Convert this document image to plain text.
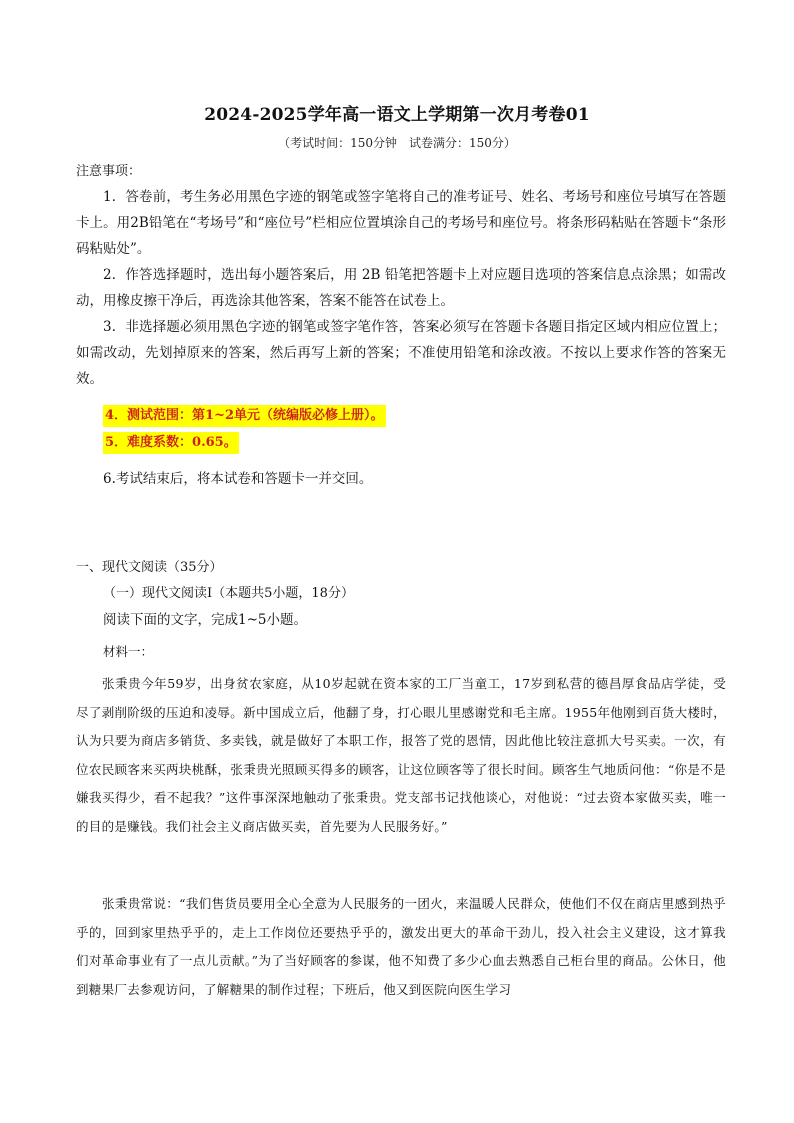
2024-2025学年高一语文上学期第一次月考卷01
（考试时间：150分钟　试卷满分：150分）
注意事项：
1．答卷前，考生务必用黑色字迹的钢笔或签字笔将自己的准考证号、姓名、考场号和座位号填写在答题卡上。用2B铅笔在“考场号”和“座位号”栏相应位置填涂自己的考场号和座位号。将条形码粘贴在答题卡“条形码粘贴处”。
2．作答选择题时，选出每小题答案后，用 2B 铅笔把答题卡上对应题目选项的答案信息点涂黑；如需改动，用橡皮擦干净后，再选涂其他答案，答案不能答在试卷上。
3．非选择题必须用黑色字迹的钢笔或签字笔作答，答案必须写在答题卡各题目指定区域内相应位置上；如需改动，先划掉原来的答案，然后再写上新的答案；不准使用铅笔和涂改液。不按以上要求作答的答案无效。
4．测试范围：第1~2单元（统编版必修上册）。
5．难度系数：0.65。
6.考试结束后，将本试卷和答题卡一并交回。
一、现代文阅读（35分）
（一）现代文阅读Ⅰ（本题共5小题，18分）
阅读下面的文字，完成1~5小题。
材料一：
张秉贵今年59岁，出身贫农家庭，从10岁起就在资本家的工厂当童工，17岁到私营的德昌厚食品店学徒，受尽了剥削阶级的压迫和凌辱。新中国成立后，他翻了身，打心眼儿里感谢党和毛主席。1955年他刚到百货大楼时，认为只要为商店多销货、多卖钱，就是做好了本职工作，报答了党的恩情，因此他比较注意抓大号买卖。一次，有位农民顾客来买两块桃酥，张秉贵光照顾买得多的顾客，让这位顾客等了很长时间。顾客生气地质问他：“你是不是嫌我买得少，看不起我？”这件事深深地触动了张秉贵。党支部书记找他谈心，对他说：“过去资本家做买卖，唯一的目的是赚钱。我们社会主义商店做买卖，首先要为人民服务好。”
张秉贵常说：“我们售货员要用全心全意为人民服务的一团火，来温暖人民群众，使他们不仅在商店里感到热乎乎的，回到家里热乎乎的，走上工作岗位还要热乎乎的，激发出更大的革命干劲儿，投入社会主义建设，这才算我们对革命事业有了一点儿贡献。”为了当好顾客的参谋，他不知费了多少心血去熟悉自己柜台里的商品。公休日，他到糖果厂去参观访问，了解糖果的制作过程；下班后，他又到医院向医生学习
